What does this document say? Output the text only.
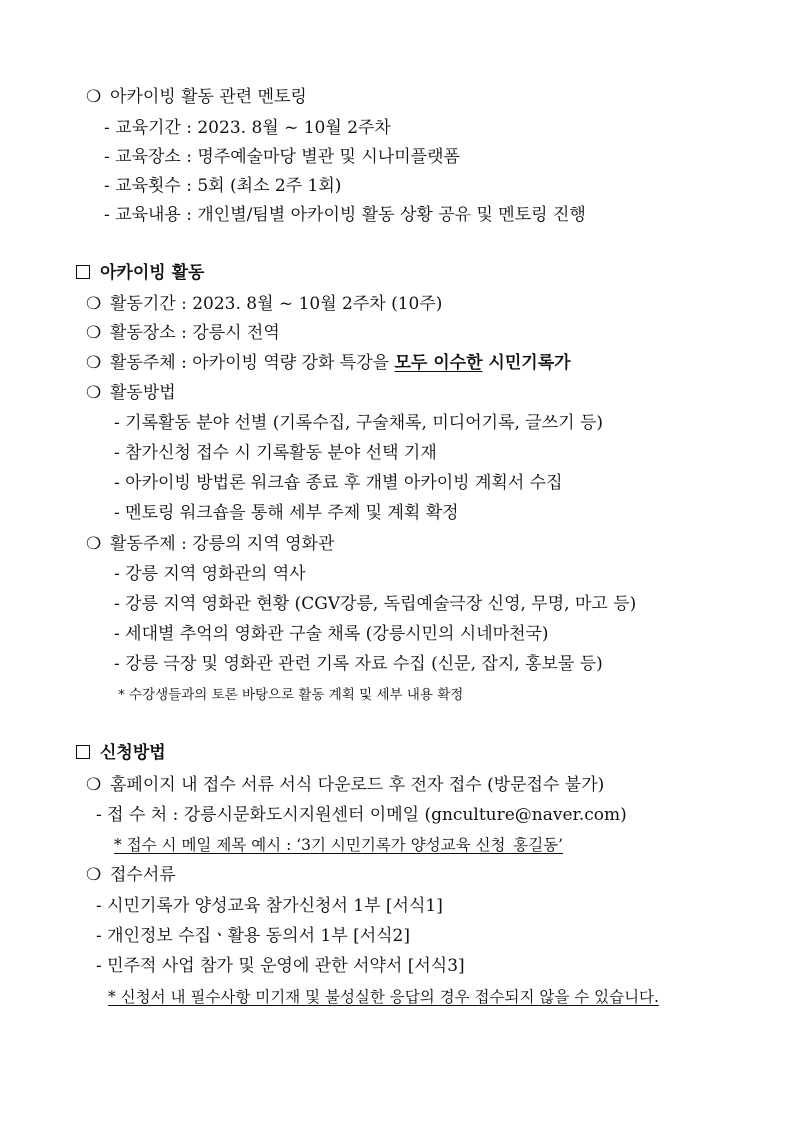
❍ 아카이빙 활동 관련 멘토링
- 교육기간 : 2023. 8월 ~ 10월 2주차
- 교육장소 : 명주예술마당 별관 및 시나미플랫폼
- 교육횟수 : 5회 (최소 2주 1회)
- 교육내용 : 개인별/팀별 아카이빙 활동 상황 공유 및 멘토링 진행
아카이빙 활동
❍ 활동기간 : 2023. 8월 ~ 10월 2주차 (10주)
❍ 활동장소 : 강릉시 전역
❍ 활동주체 : 아카이빙 역량 강화 특강을 모두 이수한 시민기록가
❍ 활동방법
- 기록활동 분야 선별 (기록수집, 구술채록, 미디어기록, 글쓰기 등)
- 참가신청 접수 시 기록활동 분야 선택 기재
- 아카이빙 방법론 워크숍 종료 후 개별 아카이빙 계획서 수집
- 멘토링 워크숍을 통해 세부 주제 및 계획 확정
❍ 활동주제 : 강릉의 지역 영화관
- 강릉 지역 영화관의 역사
- 강릉 지역 영화관 현황 (CGV강릉, 독립예술극장 신영, 무명, 마고 등)
- 세대별 추억의 영화관 구술 채록 (강릉시민의 시네마천국)
- 강릉 극장 및 영화관 관련 기록 자료 수집 (신문, 잡지, 홍보물 등)
* 수강생들과의 토론 바탕으로 활동 계획 및 세부 내용 확정
신청방법
❍ 홈페이지 내 접수 서류 서식 다운로드 후 전자 접수 (방문접수 불가)
- 접 수 처 : 강릉시문화도시지원센터 이메일 (gnculture@naver.com)
* 접수 시 메일 제목 예시 : ‘3기 시민기록가 양성교육 신청_홍길동’
❍ 접수서류
- 시민기록가 양성교육 참가신청서 1부 [서식1]
- 개인정보 수집ㆍ활용 동의서 1부 [서식2]
- 민주적 사업 참가 및 운영에 관한 서약서 [서식3]
* 신청서 내 필수사항 미기재 및 불성실한 응답의 경우 접수되지 않을 수 있습니다.
